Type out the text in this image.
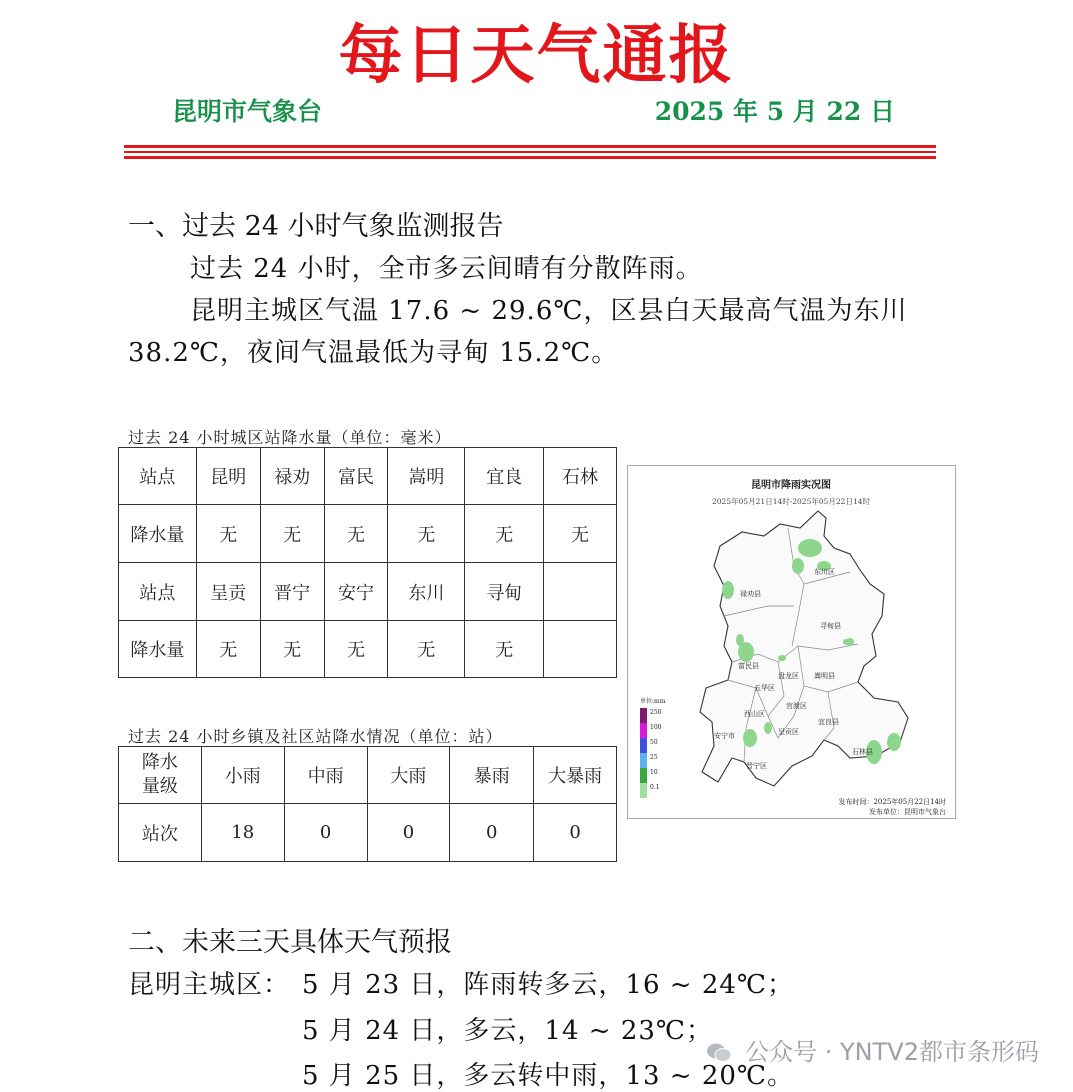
每日天气通报
昆明市气象台	2025 年 5 月 22 日
一、过去 24 小时气象监测报告

过去 24 小时，全市多云间晴有分散阵雨。

昆明主城区气温 17.6 ~ 29.6℃，区县白天最高气温为东川 38.2℃，夜间气温最低为寻甸 15.2℃。

过去 24 小时城区站降水量（单位：毫米）
站点	昆明	禄劝	富民	嵩明	宜良	石林
降水量	无	无	无	无	无	无
站点	呈贡	晋宁	安宁	东川	寻甸	
降水量	无	无	无	无	无	
过去 24 小时乡镇及社区站降水情况（单位：站）
降水
量级	小雨	中雨	大雨	暴雨	大暴雨
站次	18	0	0	0	0
昆明市降雨实况图
2025年05月21日14时-2025年05月22日14时
东川区
禄劝县
寻甸县
富民县
盘龙区 嵩明县
五华区
官渡区
西山区
安宁市	呈贡区
宜良县
石林县
晋宁区
单位:mm
250
100
50
25
10
0.1
发布时间：2025年05月22日14时
发布单位：昆明市气象台
二、未来三天具体天气预报
昆明主城区： 5 月 23 日，阵雨转多云，16 ~ 24℃；
5 月 24 日，多云，14 ~ 23℃；
5 月 25 日，多云转中雨，13 ~ 20℃。
公众号 · YNTV2都市条形码
